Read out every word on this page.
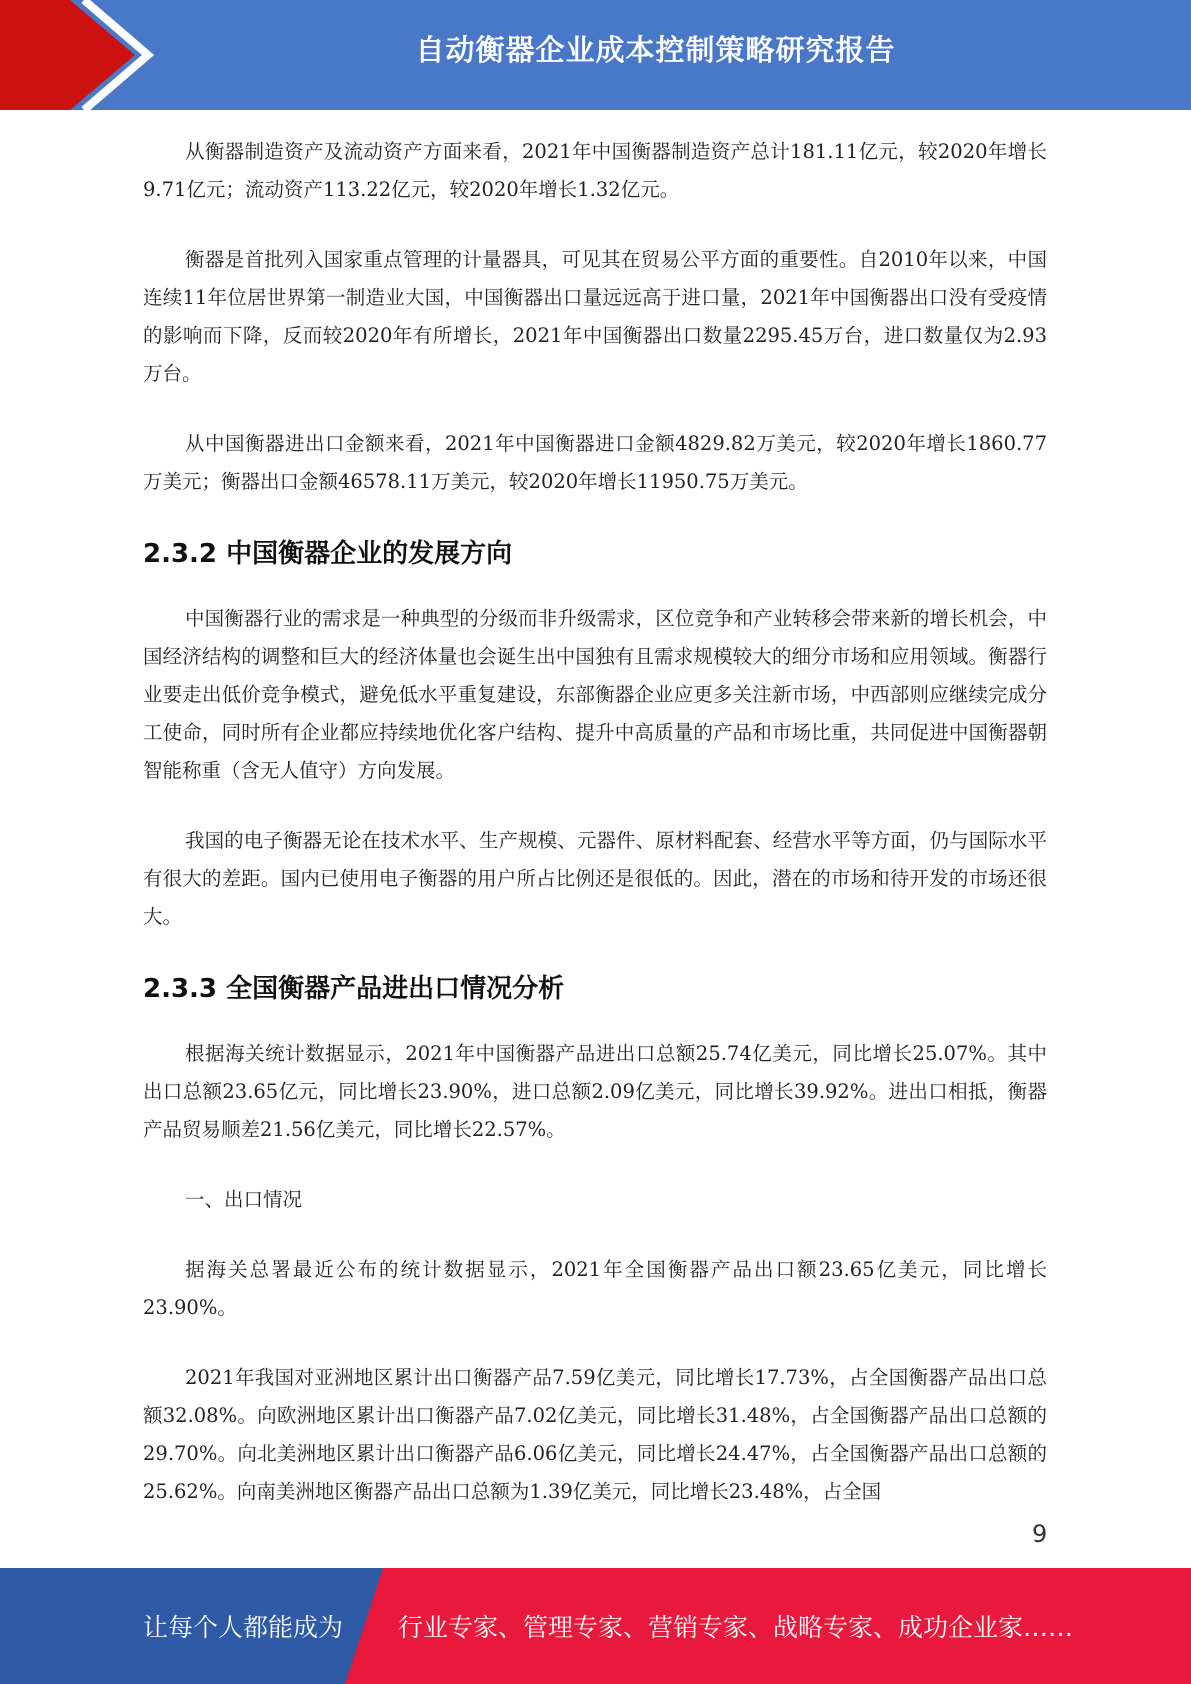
自动衡器企业成本控制策略研究报告

从衡器制造资产及流动资产方面来看，2021年中国衡器制造资产总计181.11亿元，较2020年增长9.71亿元；流动资产113.22亿元，较2020年增长1.32亿元。

衡器是首批列入国家重点管理的计量器具，可见其在贸易公平方面的重要性。自2010年以来，中国连续11年位居世界第一制造业大国，中国衡器出口量远远高于进口量，2021年中国衡器出口没有受疫情的影响而下降，反而较2020年有所增长，2021年中国衡器出口数量2295.45万台，进口数量仅为2.93万台。

从中国衡器进出口金额来看，2021年中国衡器进口金额4829.82万美元，较2020年增长1860.77万美元；衡器出口金额46578.11万美元，较2020年增长11950.75万美元。

2.3.2 中国衡器企业的发展方向

中国衡器行业的需求是一种典型的分级而非升级需求，区位竞争和产业转移会带来新的增长机会，中国经济结构的调整和巨大的经济体量也会诞生出中国独有且需求规模较大的细分市场和应用领域。衡器行业要走出低价竞争模式，避免低水平重复建设，东部衡器企业应更多关注新市场，中西部则应继续完成分工使命，同时所有企业都应持续地优化客户结构、提升中高质量的产品和市场比重，共同促进中国衡器朝智能称重（含无人值守）方向发展。

我国的电子衡器无论在技术水平、生产规模、元器件、原材料配套、经营水平等方面，仍与国际水平有很大的差距。国内已使用电子衡器的用户所占比例还是很低的。因此，潜在的市场和待开发的市场还很大。

2.3.3 全国衡器产品进出口情况分析

根据海关统计数据显示，2021年中国衡器产品进出口总额25.74亿美元，同比增长25.07%。其中出口总额23.65亿元，同比增长23.90%，进口总额2.09亿美元，同比增长39.92%。进出口相抵，衡器产品贸易顺差21.56亿美元，同比增长22.57%。

一、出口情况

据海关总署最近公布的统计数据显示，2021年全国衡器产品出口额23.65亿美元，同比增长23.90%。

2021年我国对亚洲地区累计出口衡器产品7.59亿美元，同比增长17.73%，占全国衡器产品出口总额32.08%。向欧洲地区累计出口衡器产品7.02亿美元，同比增长31.48%，占全国衡器产品出口总额的29.70%。向北美洲地区累计出口衡器产品6.06亿美元，同比增长24.47%，占全国衡器产品出口总额的25.62%。向南美洲地区衡器产品出口总额为1.39亿美元，同比增长23.48%，占全国

9
让每个人都能成为 行业专家、管理专家、营销专家、战略专家、成功企业家……
